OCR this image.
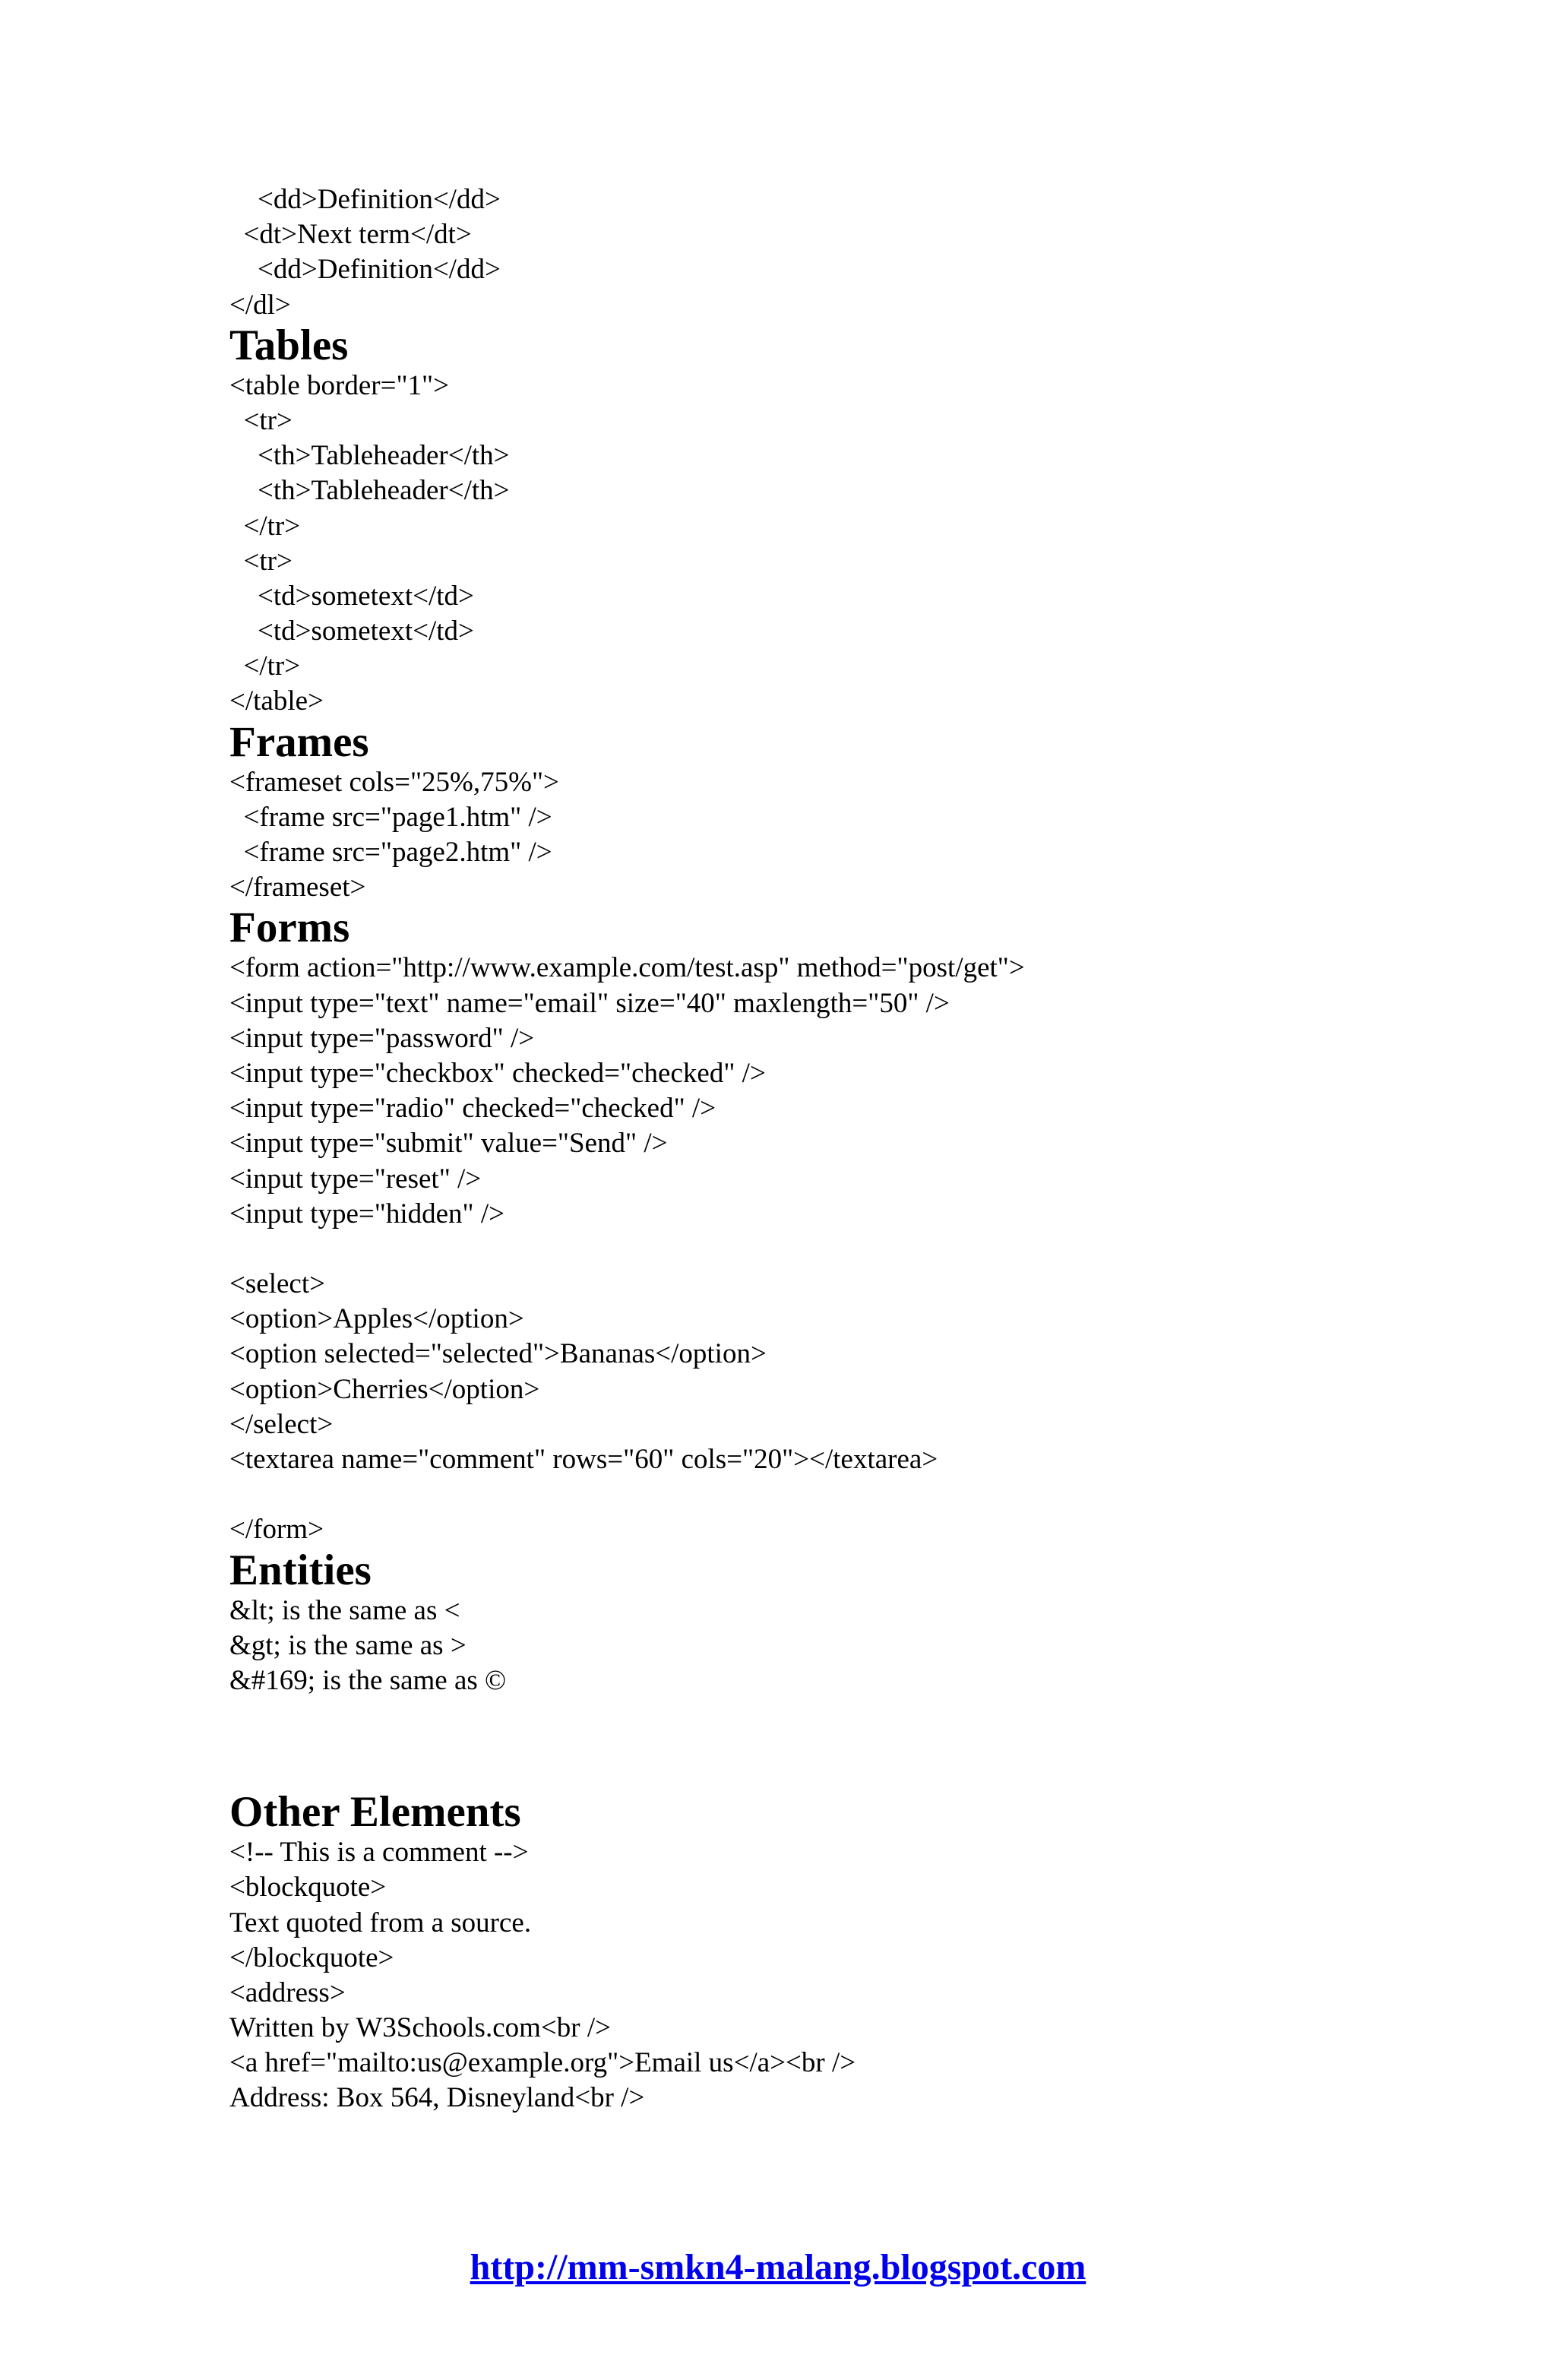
<dd>Definition</dd>

<dt>Next term</dt>

<dd>Definition</dd>

</dl>

Tables

<table border="1">

<tr>

<th>Tableheader</th>

<th>Tableheader</th>

</tr>

<tr>

<td>sometext</td>

<td>sometext</td>

</tr>

</table>

Frames

<frameset cols="25%,75%">

<frame src="page1.htm" />

<frame src="page2.htm" />

</frameset>

Forms

<form action="http://www.example.com/test.asp" method="post/get">

<input type="text" name="email" size="40" maxlength="50" />

<input type="password" />

<input type="checkbox" checked="checked" />

<input type="radio" checked="checked" />

<input type="submit" value="Send" />

<input type="reset" />

<input type="hidden" />

<select>

<option>Apples</option>

<option selected="selected">Bananas</option>

<option>Cherries</option>

</select>

<textarea name="comment" rows="60" cols="20"></textarea>

</form>

Entities

&lt; is the same as <

&gt; is the same as >

&#169; is the same as ©

Other Elements

<!-- This is a comment -->

<blockquote>

Text quoted from a source.

</blockquote>

<address>

Written by W3Schools.com<br />

<a href="mailto:us@example.org">Email us</a><br />

Address: Box 564, Disneyland<br />

http://mm-smkn4-malang.blogspot.com
